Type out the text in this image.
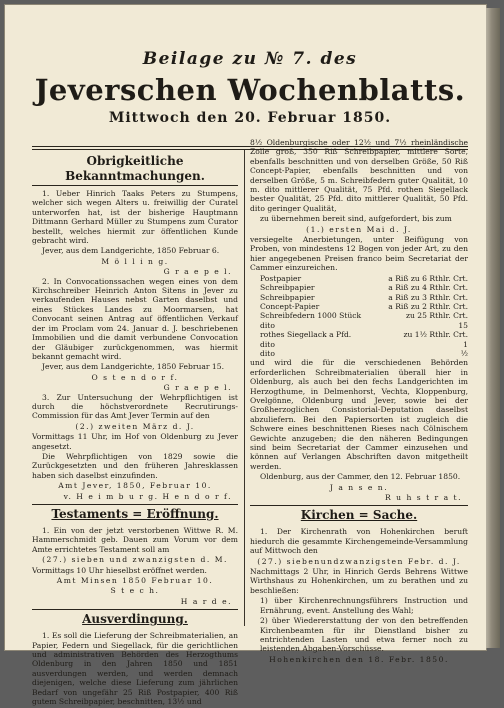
Beilage zu № 7. des
Jeverschen Wochenblatts.
Mittwoch den 20. Februar 1850.
Obrigkeitliche Bekanntmachungen.
1. Ueber Hinrich Taaks Peters zu Stumpens, welcher sich wegen Alters u. freiwillig der Curatel unterworfen hat, ist der bisherige Hauptmann Dittmann Gerhard Müller zu Stumpens zum Curator bestellt, welches hiermit zur öffentlichen Kunde gebracht wird.
Jever, aus dem Landgerichte, 1850 Februar 6.
M ö l l i n g.
G r a e p e l.
2. In Convocationssachen wegen eines von dem Kirchschreiber Heinrich Anton Sitens in Jever zu verkaufenden Hauses nebst Garten daselbst und eines Stückes Landes zu Moormarsen, hat Convocant seinen Antrag auf öffentlichen Verkauf der im Proclam vom 24. Januar d. J. beschriebenen Immobilien und die damit verbundene Convocation der Gläubiger zurückgenommen, was hiermit bekannt gemacht wird.
Jever, aus dem Landgerichte, 1850 Februar 15.
O s t e n d o r f.
G r a e p e l.
3. Zur Untersuchung der Wehrpflichtigen ist durch die höchstverordnete Recrutirungs-Commission für das Amt Jever Termin auf den
(2.) zweiten März d. J.
Vormittags 11 Uhr, im Hof von Oldenburg zu Jever angesetzt.
Die Wehrpflichtigen von 1829 sowie die Zurückgesetzten und den früheren Jahresklassen haben sich daselbst einzufinden.
Amt Jever, 1850, Februar 10.
v. H e i m b u r g. H e n d o r f.
Testaments = Eröffnung.
1. Ein von der jetzt verstorbenen Wittwe R. M. Hammerschmidt geb. Dauen zum Vorum vor dem Amte errichtetes Testament soll am
(27.) sieben und zwanzigsten d. M.
Vormittags 10 Uhr hieselbst eröffnet werden.
Amt Minsen 1850 Februar 10.
S t e c h.
H a r d e.
Ausverdingung.
1. Es soll die Lieferung der Schreibmaterialien, an Papier, Federn und Siegellack, für die gerichtlichen und administrativen Behörden des Herzogthums Oldenburg in den Jahren 1850 und 1851 ausverdungen werden, und werden demnach diejenigen, welche diese Lieferung zum jährlichen Bedarf von ungefähr 25 Riß Postpapier, 400 Riß gutem Schreibpapier, beschnitten, 13½ und
8½ Oldenburgische oder 12½ und 7½ rheinländische Zolle groß, 350 Riß Schreibpapier, mittlere Sorte, ebenfalls beschnitten und von derselben Größe, 50 Riß Concept-Papier, ebenfalls beschnitten und von derselben Größe, 5 m. Schreibfedern guter Qualität, 10 m. dito mittlerer Qualität, 75 Pfd. rothen Siegellack bester Qualität, 25 Pfd. dito mittlerer Qualität, 50 Pfd. dito geringer Qualität,
zu übernehmen bereit sind, aufgefordert, bis zum
(1.) ersten Mai d. J.
versiegelte Anerbietungen, unter Beifügung von Proben, von mindestens 12 Bogen von jeder Art, zu den hier angegebenen Preisen franco beim Secretariat der Cammer einzureichen.
Postpapier	a Riß zu 6 Rthlr. Crt.
Schreibpapier	a Riß zu 4 Rthlr. Crt.
Schreibpapier	a Riß zu 3 Rthlr. Crt.
Concept-Papier	a Riß zu 2 Rthlr. Crt.
Schreibfedern 1000 Stück	zu 25 Rthlr. Crt.
dito	15
rothes Siegellack a Pfd.	zu 1½ Rthlr. Crt.
dito	1
dito	½
und wird die für die verschiedenen Behörden erforderlichen Schreibmaterialien überall hier in Oldenburg, als auch bei den fechs Landgerichten im Herzogthume, in Delmenhorst, Vechta, Kloppenburg, Ovelgönne, Oldenburg und Jever, sowie bei der Großherzoglichen Consistorial-Deputation daselbst abzuliefern. Bei den Papiersorten ist zugleich die Schwere eines beschnittenen Rieses nach Cölnischem Gewichte anzugeben; die den näheren Bedingungen sind beim Secretariat der Cammer einzusehen und können auf Verlangen Abschriften davon mitgetheilt werden.
Oldenburg, aus der Cammer, den 12. Februar 1850.
J a n s e n.
R u h s t r a t.
Kirchen = Sache.
1. Der Kirchenrath von Hohenkirchen beruft hiedurch die gesammte Kirchengemeinde-Versammlung auf Mittwoch den
(27.) siebenundzwanzigsten Febr. d. J.
Nachmittags 2 Uhr, in Hinrich Gerds Behrens Wittwe Wirthshaus zu Hohenkirchen, um zu berathen und zu beschließen:
1) über Kirchenrechnungsführers Instruction und Ernährung, event. Anstellung des Wahl;
2) über Wiedererstattung der von den betreffenden Kirchenbeamten für ihr Dienstland bisher zu entrichtenden Lasten und etwa ferner noch zu leistenden Abgaben-Vorschüsse.
Hohenkirchen den 18. Febr. 1850.
